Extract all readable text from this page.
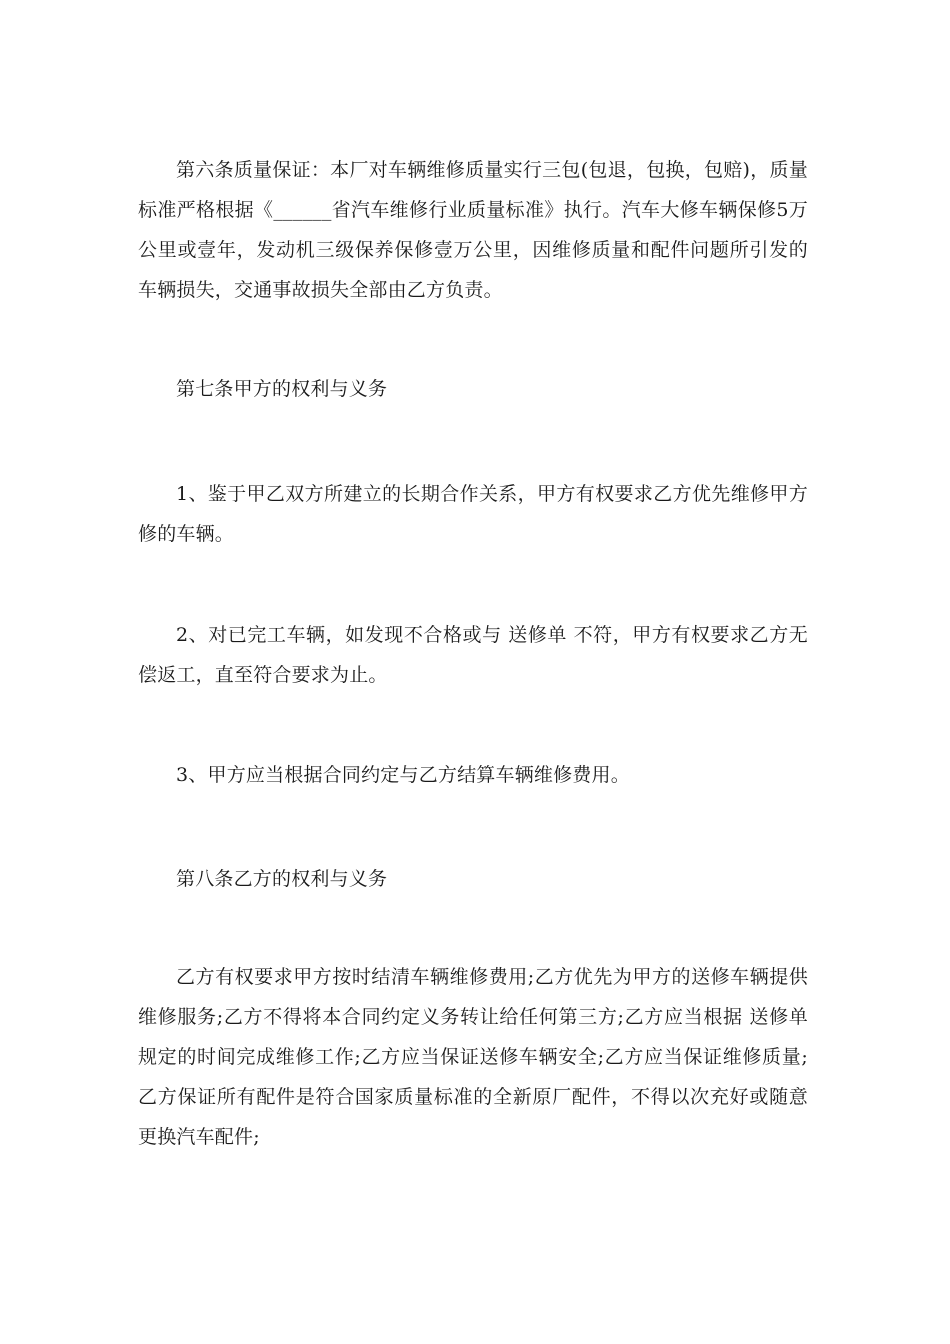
第六条质量保证：本厂对车辆维修质量实行三包(包退，包换，包赔)，质量标准严格根据《______省汽车维修行业质量标准》执行。汽车大修车辆保修5万公里或壹年，发动机三级保养保修壹万公里，因维修质量和配件问题所引发的车辆损失，交通事故损失全部由乙方负责。

第七条甲方的权利与义务

1、鉴于甲乙双方所建立的长期合作关系，甲方有权要求乙方优先维修甲方修的车辆。

2、对已完工车辆，如发现不合格或与 送修单 不符，甲方有权要求乙方无偿返工，直至符合要求为止。

3、甲方应当根据合同约定与乙方结算车辆维修费用。

第八条乙方的权利与义务

乙方有权要求甲方按时结清车辆维修费用;乙方优先为甲方的送修车辆提供维修服务;乙方不得将本合同约定义务转让给任何第三方;乙方应当根据 送修单规定的时间完成维修工作;乙方应当保证送修车辆安全;乙方应当保证维修质量;乙方保证所有配件是符合国家质量标准的全新原厂配件，不得以次充好或随意更换汽车配件;
